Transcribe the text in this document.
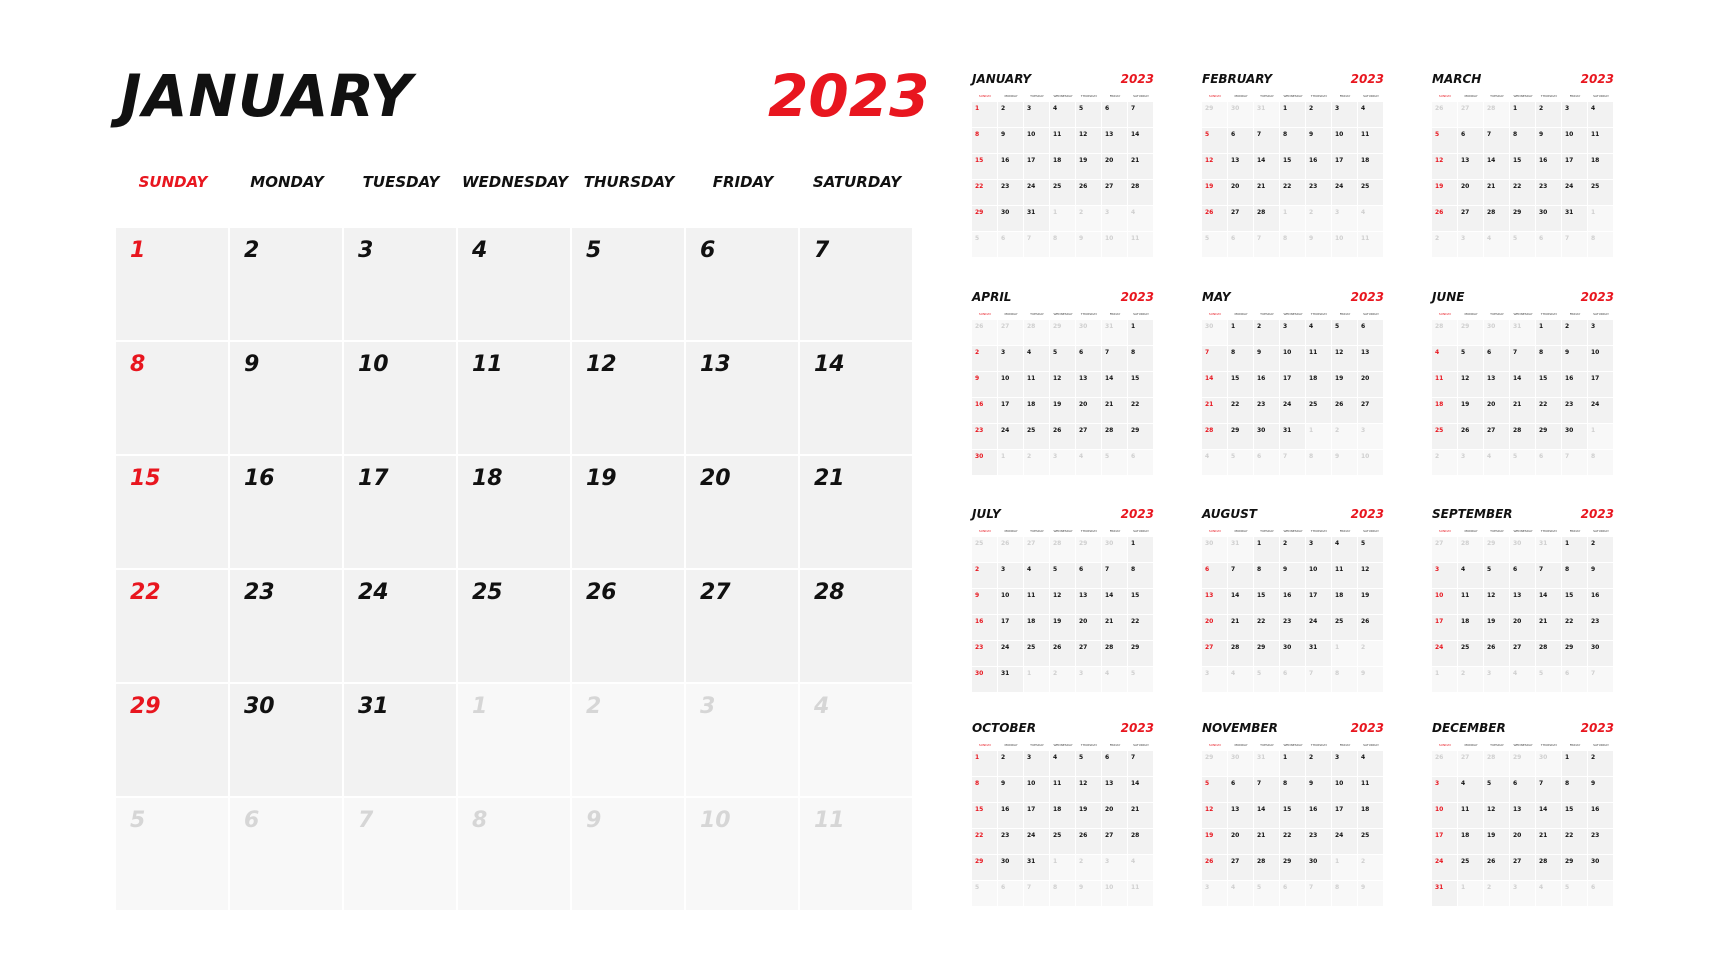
JANUARY	2023
SUNDAY	MONDAY	TUESDAY	WEDNESDAY	THURSDAY	FRIDAY	SATURDAY
1	2	3	4	5	6	7
8	9	10	11	12	13	14
15	16	17	18	19	20	21
22	23	24	25	26	27	28
29	30	31	1	2	3	4
5	6	7	8	9	10	11
JANUARY	2023
SUNDAY	MONDAY	TUESDAY	WEDNESDAY	THURSDAY	FRIDAY	SATURDAY
1	2	3	4	5	6	7
8	9	10	11	12	13	14
15	16	17	18	19	20	21
22	23	24	25	26	27	28
29	30	31	1	2	3	4
5	6	7	8	9	10	11
FEBRUARY	2023
SUNDAY	MONDAY	TUESDAY	WEDNESDAY	THURSDAY	FRIDAY	SATURDAY
29	30	31	1	2	3	4
5	6	7	8	9	10	11
12	13	14	15	16	17	18
19	20	21	22	23	24	25
26	27	28	1	2	3	4
5	6	7	8	9	10	11
MARCH	2023
SUNDAY	MONDAY	TUESDAY	WEDNESDAY	THURSDAY	FRIDAY	SATURDAY
26	27	28	1	2	3	4
5	6	7	8	9	10	11
12	13	14	15	16	17	18
19	20	21	22	23	24	25
26	27	28	29	30	31	1
2	3	4	5	6	7	8
APRIL	2023
SUNDAY	MONDAY	TUESDAY	WEDNESDAY	THURSDAY	FRIDAY	SATURDAY
26	27	28	29	30	31	1
2	3	4	5	6	7	8
9	10	11	12	13	14	15
16	17	18	19	20	21	22
23	24	25	26	27	28	29
30	1	2	3	4	5	6
MAY	2023
SUNDAY	MONDAY	TUESDAY	WEDNESDAY	THURSDAY	FRIDAY	SATURDAY
30	1	2	3	4	5	6
7	8	9	10	11	12	13
14	15	16	17	18	19	20
21	22	23	24	25	26	27
28	29	30	31	1	2	3
4	5	6	7	8	9	10
JUNE	2023
SUNDAY	MONDAY	TUESDAY	WEDNESDAY	THURSDAY	FRIDAY	SATURDAY
28	29	30	31	1	2	3
4	5	6	7	8	9	10
11	12	13	14	15	16	17
18	19	20	21	22	23	24
25	26	27	28	29	30	1
2	3	4	5	6	7	8
JULY	2023
SUNDAY	MONDAY	TUESDAY	WEDNESDAY	THURSDAY	FRIDAY	SATURDAY
25	26	27	28	29	30	1
2	3	4	5	6	7	8
9	10	11	12	13	14	15
16	17	18	19	20	21	22
23	24	25	26	27	28	29
30	31	1	2	3	4	5
AUGUST	2023
SUNDAY	MONDAY	TUESDAY	WEDNESDAY	THURSDAY	FRIDAY	SATURDAY
30	31	1	2	3	4	5
6	7	8	9	10	11	12
13	14	15	16	17	18	19
20	21	22	23	24	25	26
27	28	29	30	31	1	2
3	4	5	6	7	8	9
SEPTEMBER	2023
SUNDAY	MONDAY	TUESDAY	WEDNESDAY	THURSDAY	FRIDAY	SATURDAY
27	28	29	30	31	1	2
3	4	5	6	7	8	9
10	11	12	13	14	15	16
17	18	19	20	21	22	23
24	25	26	27	28	29	30
1	2	3	4	5	6	7
OCTOBER	2023
SUNDAY	MONDAY	TUESDAY	WEDNESDAY	THURSDAY	FRIDAY	SATURDAY
1	2	3	4	5	6	7
8	9	10	11	12	13	14
15	16	17	18	19	20	21
22	23	24	25	26	27	28
29	30	31	1	2	3	4
5	6	7	8	9	10	11
NOVEMBER	2023
SUNDAY	MONDAY	TUESDAY	WEDNESDAY	THURSDAY	FRIDAY	SATURDAY
29	30	31	1	2	3	4
5	6	7	8	9	10	11
12	13	14	15	16	17	18
19	20	21	22	23	24	25
26	27	28	29	30	1	2
3	4	5	6	7	8	9
DECEMBER	2023
SUNDAY	MONDAY	TUESDAY	WEDNESDAY	THURSDAY	FRIDAY	SATURDAY
26	27	28	29	30	1	2
3	4	5	6	7	8	9
10	11	12	13	14	15	16
17	18	19	20	21	22	23
24	25	26	27	28	29	30
31	1	2	3	4	5	6
